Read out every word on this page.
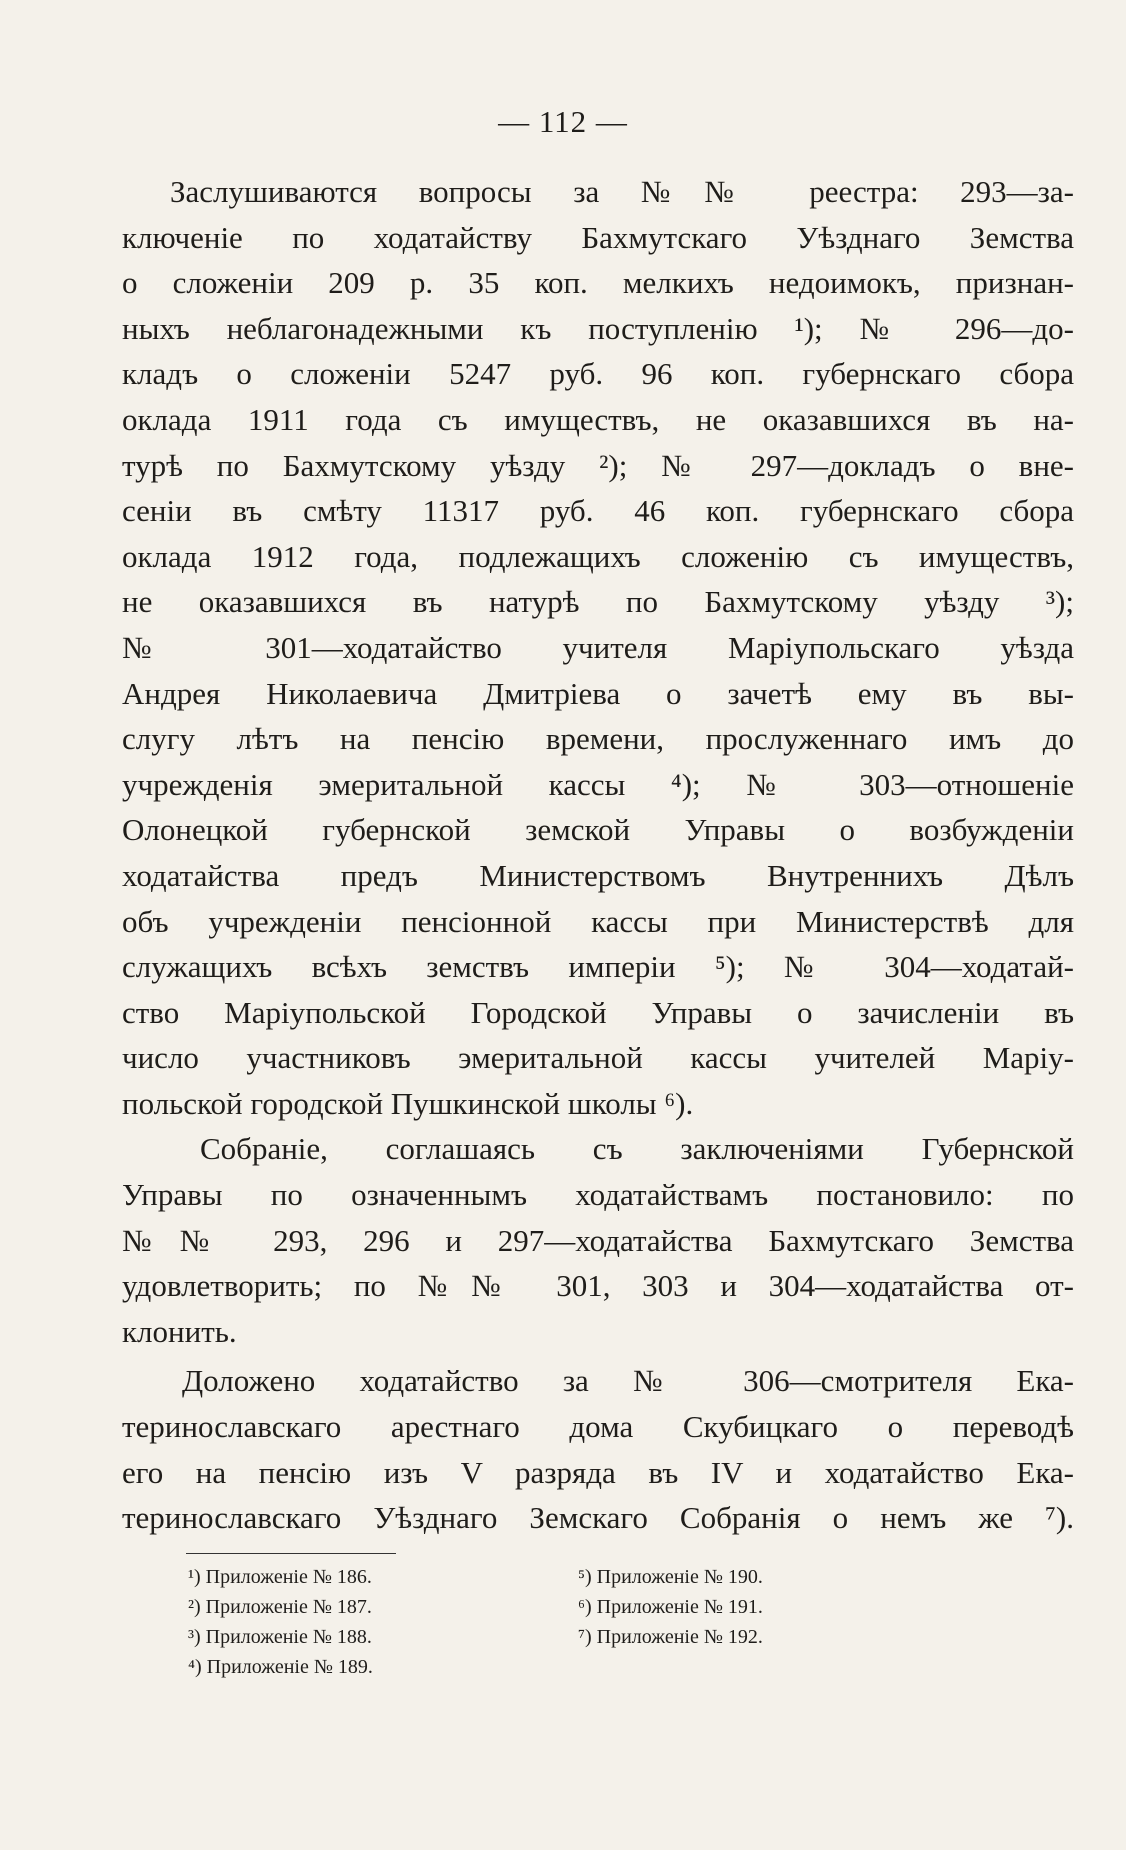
— 112 —
Заслушиваются вопросы за №№ реестра: 293—за-
ключеніе по ходатайству Бахмутскаго Уѣзднаго Земства
о сложеніи 209 р. 35 коп. мелкихъ недоимокъ, признан-
ныхъ неблагонадежными къ поступленію ¹); № 296—до-
кладъ о сложеніи 5247 руб. 96 коп. губернскаго сбора
оклада 1911 года съ имуществъ, не оказавшихся въ на-
турѣ по Бахмутскому уѣзду ²); № 297—докладъ о вне-
сеніи въ смѣту 11317 руб. 46 коп. губернскаго сбора
оклада 1912 года, подлежащихъ сложенію съ имуществъ,
не оказавшихся въ натурѣ по Бахмутскому уѣзду ³);
№ 301—ходатайство учителя Маріупольскаго уѣзда
Андрея Николаевича Дмитріева о зачетѣ ему въ вы-
слугу лѣтъ на пенсію времени, прослуженнаго имъ до
учрежденія эмеритальной кассы ⁴); № 303—отношеніе
Олонецкой губернской земской Управы о возбужденіи
ходатайства предъ Министерствомъ Внутреннихъ Дѣлъ
объ учрежденіи пенсіонной кассы при Министерствѣ для
служащихъ всѣхъ земствъ имперіи ⁵); № 304—ходатай-
ство Маріупольской Городской Управы о зачисленіи въ
число участниковъ эмеритальной кассы учителей Маріу-
польской городской Пушкинской школы ⁶).
Собраніе, соглашаясь съ заключеніями Губернской
Управы по означеннымъ ходатайствамъ постановило: по
№№ 293, 296 и 297—ходатайства Бахмутскаго Земства
удовлетворить; по №№ 301, 303 и 304—ходатайства от-
клонить.
Доложено ходатайство за № 306—смотрителя Ека-
теринославскаго арестнаго дома Скубицкаго о переводѣ
его на пенсію изъ V разряда въ IV и ходатайство Ека-
теринославскаго Уѣзднаго Земскаго Собранія о немъ же ⁷).
¹) Приложеніе № 186.
²) Приложеніе № 187.
³) Приложеніе № 188.
⁴) Приложеніе № 189.
⁵) Приложеніе № 190.
⁶) Приложеніе № 191.
⁷) Приложеніе № 192.
